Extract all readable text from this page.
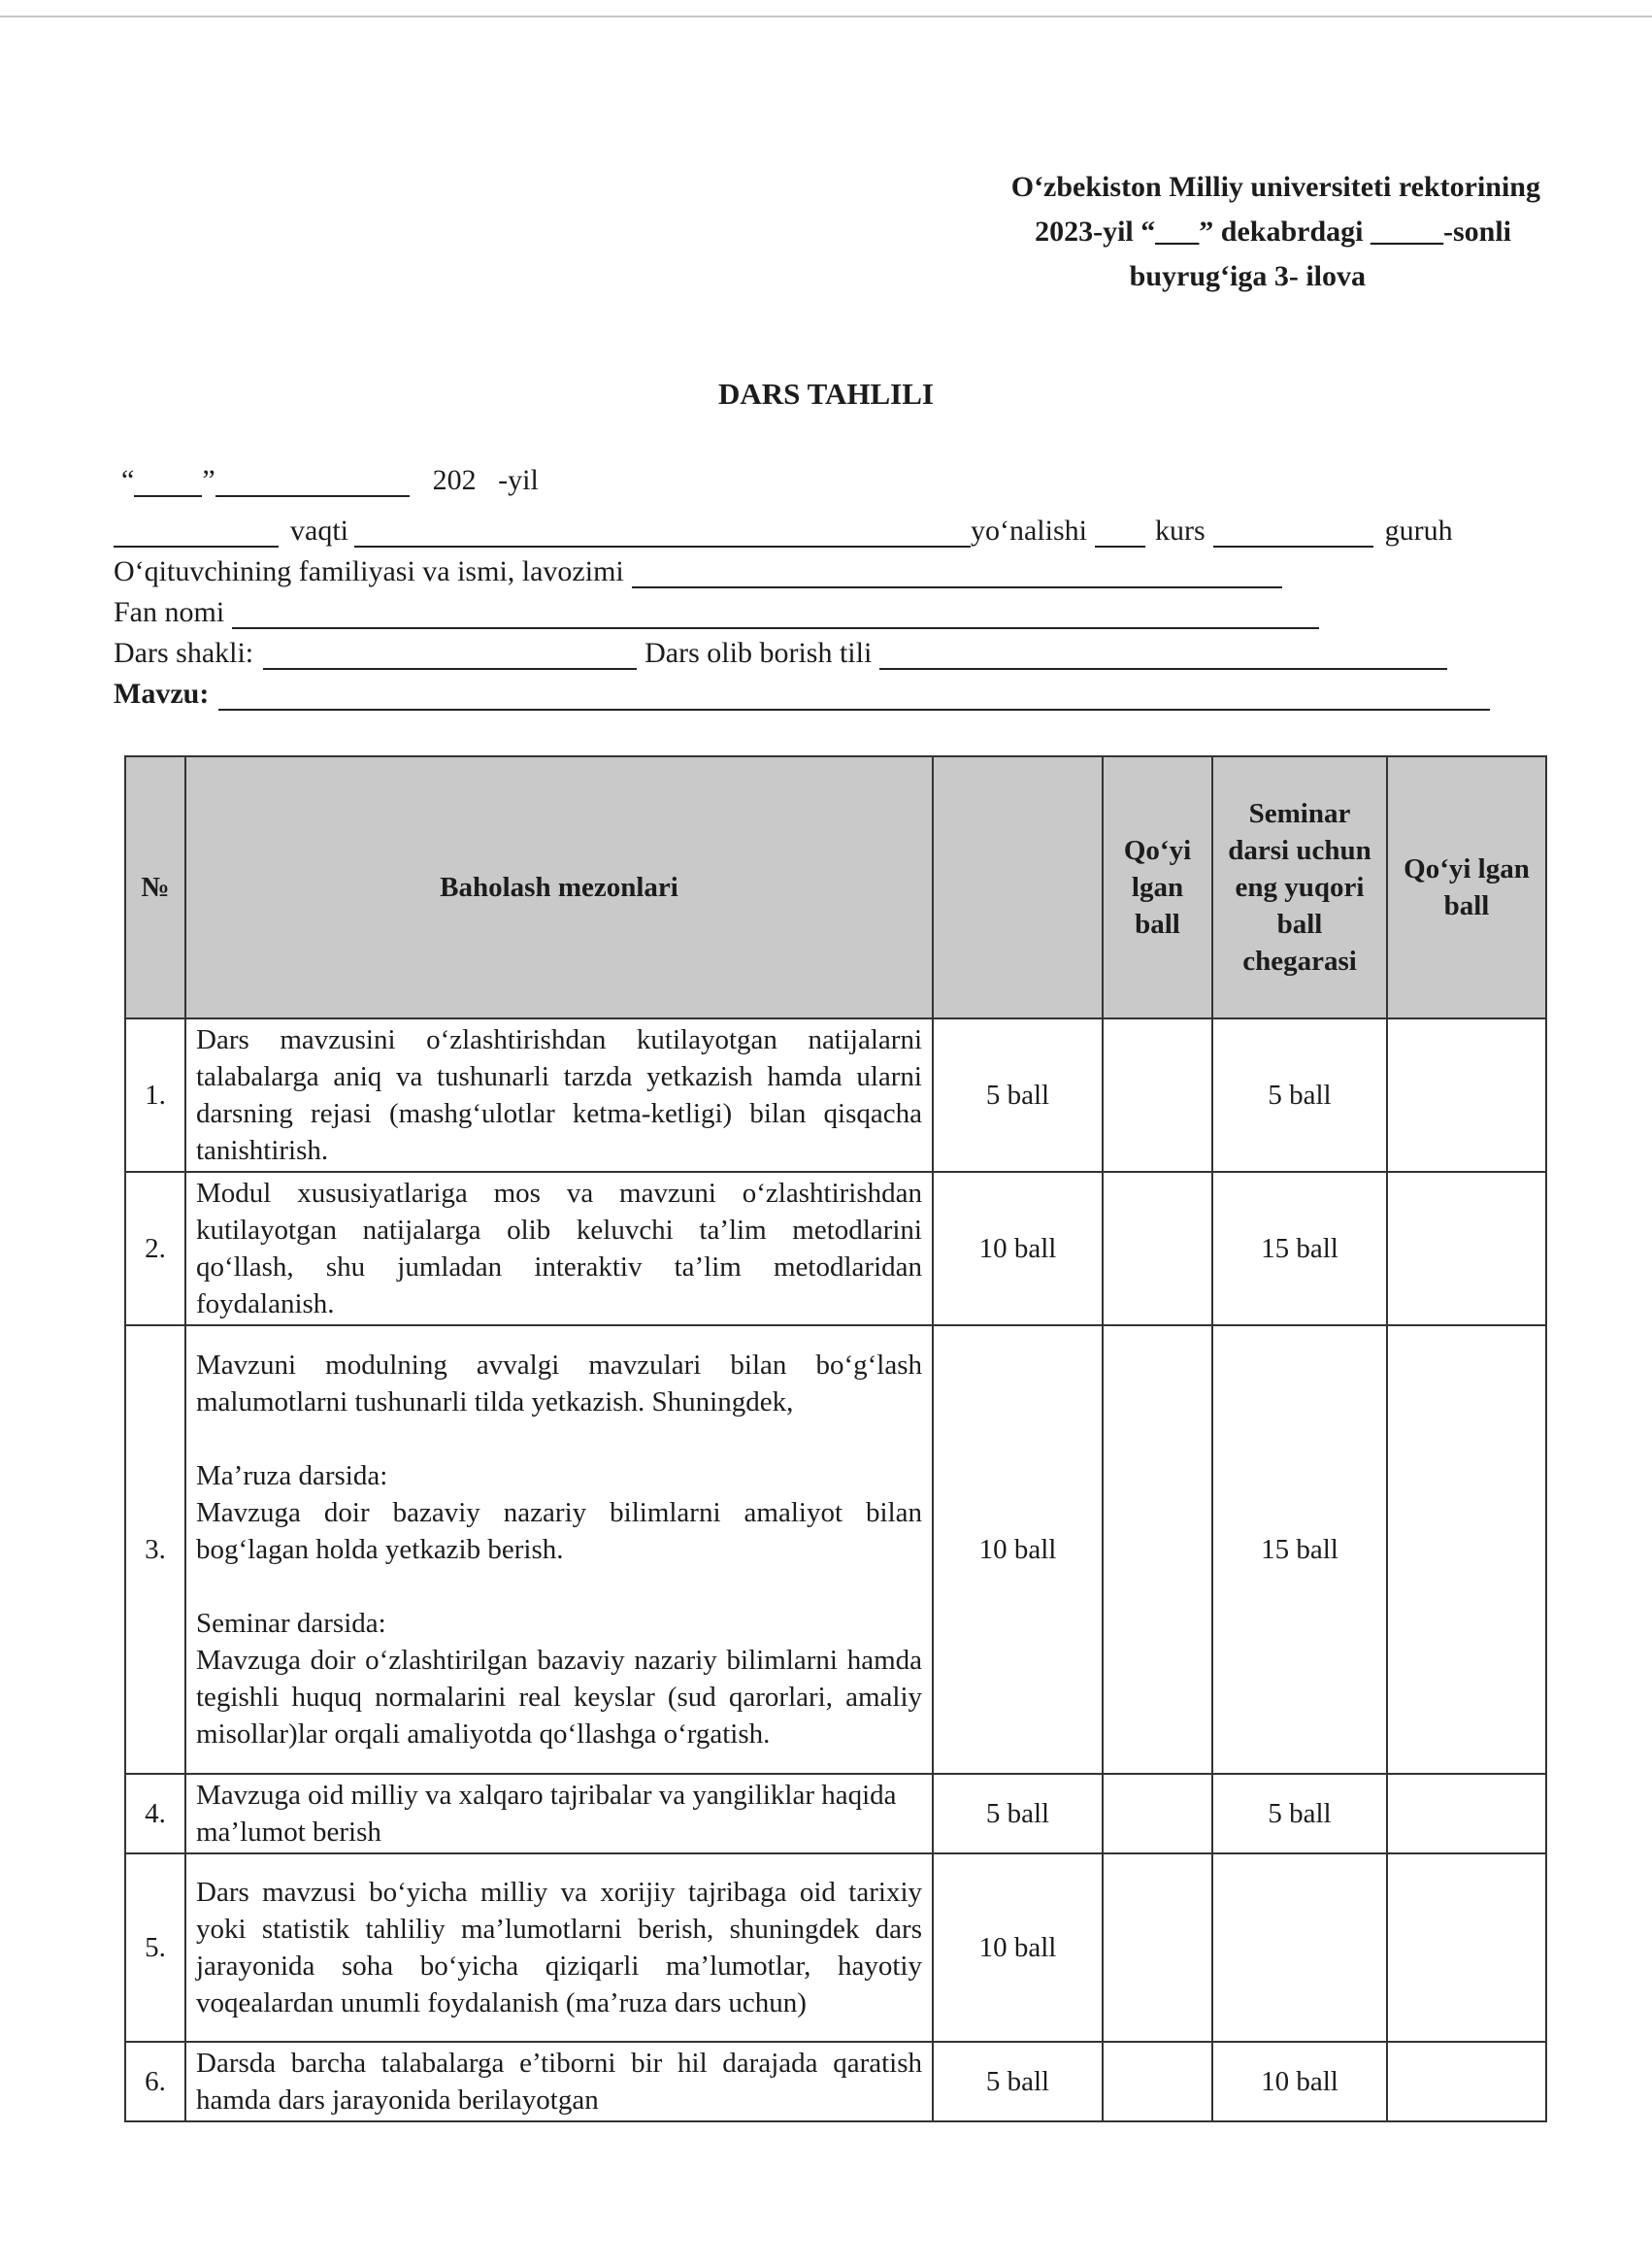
O‘zbekiston Milliy universiteti rektorining
2023-yil “___” dekabrdagi _____-sonli
buyrug‘iga 3- ilova
DARS TAHLILI
“ ”	202   -yil
vaqti	yo‘nalishi kurs	guruh
O‘qituvchining familiyasi va ismi, lavozimi
Fan nomi
Dars shakli:	Dars olib borish tili
Mavzu:
№	Baholash mezonlari		Qo‘yi lgan ball	Seminar darsi uchun eng yuqori ball chegarasi	Qo‘yi lgan ball
1.	Dars mavzusini o‘zlashtirishdan kutilayotgan natijalarni talabalarga aniq va tushunarli tarzda yetkazish hamda ularni darsning rejasi (mashg‘ulotlar ketma-ketligi) bilan qisqacha tanishtirish.	5 ball		5 ball	
2.	Modul xususiyatlariga mos va mavzuni o‘zlashtirishdan kutilayotgan natijalarga olib keluvchi ta’lim metodlarini qo‘llash, shu jumladan interaktiv ta’lim metodlaridan foydalanish.	10 ball		15 ball	
3.	Mavzuni modulning avvalgi mavzulari bilan bo‘g‘lash malumotlarni tushunarli tilda yetkazish. Shuningdek,
Ma’ruza darsida:
Mavzuga doir bazaviy nazariy bilimlarni amaliyot bilan bog‘lagan holda yetkazib berish.
Seminar darsida:
Mavzuga doir o‘zlashtirilgan bazaviy nazariy bilimlarni hamda tegishli huquq normalarini real keyslar (sud qarorlari, amaliy misollar)lar orqali amaliyotda qo‘llashga o‘rgatish.	10 ball		15 ball	
4.	Mavzuga oid milliy va xalqaro tajribalar va yangiliklar haqida ma’lumot berish	5 ball		5 ball	
5.	Dars mavzusi bo‘yicha milliy va xorijiy tajribaga oid tarixiy yoki statistik tahliliy ma’lumotlarni berish, shuningdek dars jarayonida soha bo‘yicha qiziqarli ma’lumotlar, hayotiy voqealardan unumli foydalanish (ma’ruza dars uchun)	10 ball			
6.	Darsda barcha talabalarga e’tiborni bir hil darajada qaratish hamda dars jarayonida berilayotgan	5 ball		10 ball	
